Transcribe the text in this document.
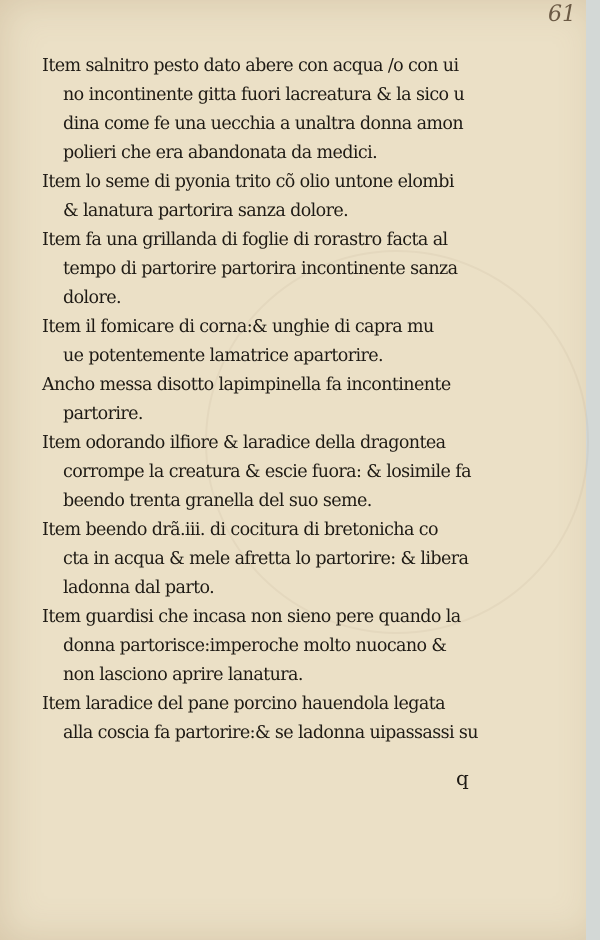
61
Item salnitro pesto dato abere con acqua /o con ui
no incontinente gitta fuori lacreatura & la sico u
dina come fe una uecchia a unaltra donna amon
polieri che era abandonata da medici.
Item lo seme di pyonia trito cõ olio untone elombi
& lanatura partorira sanza dolore.
Item fa una grillanda di foglie di rorastro facta al
tempo di partorire partorira incontinente sanza
dolore.
Item il fomicare di corna:& unghie di capra mu
ue potentemente lamatrice apartorire.
Ancho messa disotto lapimpinella fa incontinente
partorire.
Item odorando ilfiore & laradice della dragontea
corrompe la creatura & escie fuora: & losimile fa
beendo trenta granella del suo seme.
Item beendo drã.iii. di cocitura di bretonicha co
cta in acqua & mele afretta lo partorire: & libera
ladonna dal parto.
Item guardisi che incasa non sieno pere quando la
donna partorisce:imperoche molto nuocano &
non lasciono aprire lanatura.
Item laradice del pane porcino hauendola legata
alla coscia fa partorire:& se ladonna uipassassi su
q
